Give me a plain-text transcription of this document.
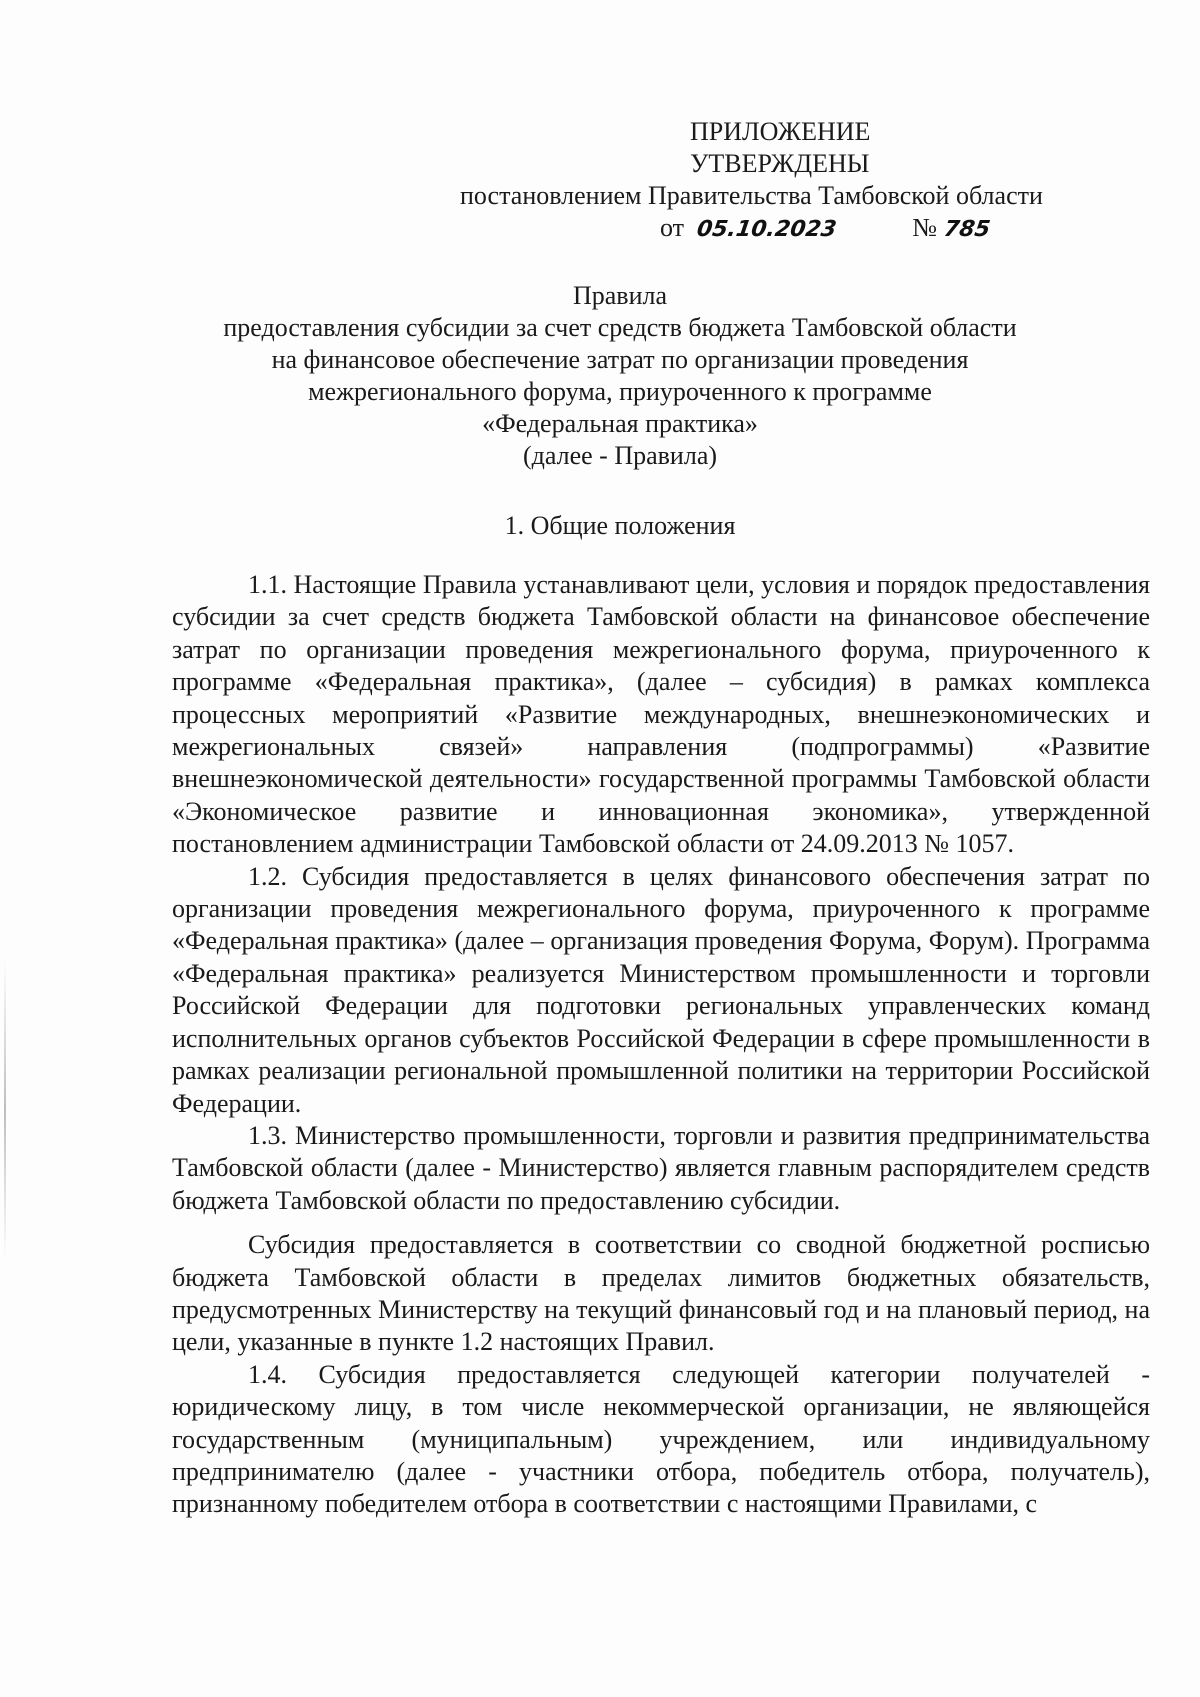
ПРИЛОЖЕНИЕ
УТВЕРЖДЕНЫ
постановлением Правительства Тамбовской области
от 05.10.2023	№ 785
Правила
предоставления субсидии за счет средств бюджета Тамбовской области
на финансовое обеспечение затрат по организации проведения
межрегионального форума, приуроченного к программе
«Федеральная практика»
(далее - Правила)
1. Общие положения

1.1. Настоящие Правила устанавливают цели, условия и порядок предоставления субсидии за счет средств бюджета Тамбовской области на финансовое обеспечение затрат по организации проведения межрегионального форума, приуроченного к программе «Федеральная практика», (далее – субсидия) в рамках комплекса процессных мероприятий «Развитие международных, внешнеэкономических и межрегиональных связей» направления (подпрограммы) «Развитие внешнеэкономической деятельности» государственной программы Тамбовской области «Экономическое развитие и инновационная экономика», утвержденной постановлением администрации Тамбовской области от 24.09.2013 № 1057.

1.2. Субсидия предоставляется в целях финансового обеспечения затрат по организации проведения межрегионального форума, приуроченного к программе «Федеральная практика» (далее – организация проведения Форума, Форум). Программа «Федеральная практика» реализуется Министерством промышленности и торговли Российской Федерации для подготовки региональных управленческих команд исполнительных органов субъектов Российской Федерации в сфере промышленности в рамках реализации региональной промышленной политики на территории Российской Федерации.

1.3. Министерство промышленности, торговли и развития предпринимательства Тамбовской области (далее - Министерство) является главным распорядителем средств бюджета Тамбовской области по предоставлению субсидии.

Субсидия предоставляется в соответствии со сводной бюджетной росписью бюджета Тамбовской области в пределах лимитов бюджетных обязательств, предусмотренных Министерству на текущий финансовый год и на плановый период, на цели, указанные в пункте 1.2 настоящих Правил.

1.4. Субсидия предоставляется следующей категории получателей - юридическому лицу, в том числе некоммерческой организации, не являющейся государственным (муниципальным) учреждением, или индивидуальному предпринимателю (далее - участники отбора, победитель отбора, получатель), признанному победителем отбора в соответствии с настоящими Правилами, с
